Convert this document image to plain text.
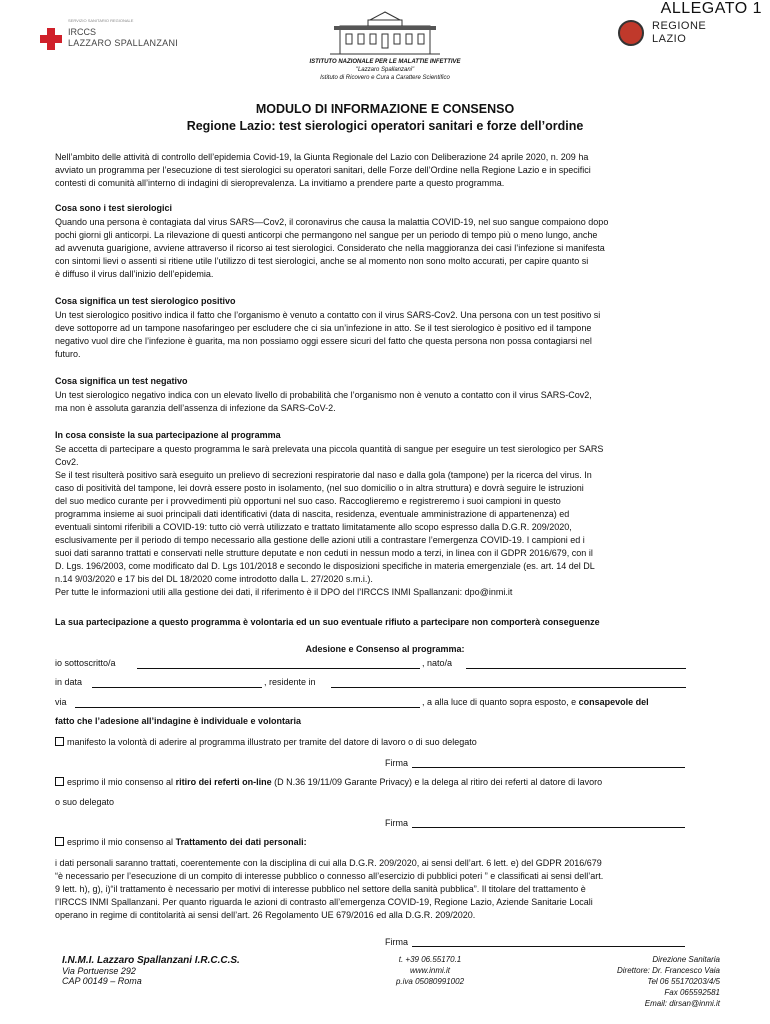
ALLEGATO 1
SERVIZIO SANITARIO REGIONALE
IRCCS
LAZZARO SPALLANZANI
ISTITUTO NAZIONALE PER LE MALATTIE INFETTIVE
"Lazzaro Spallanzani"
Istituto di Ricovero e Cura a Carattere Scientifico
REGIONE
LAZIO
MODULO DI INFORMAZIONE E CONSENSO
Regione Lazio: test sierologici operatori sanitari e forze dell’ordine
Nell’ambito delle attività di controllo dell’epidemia Covid-19, la Giunta Regionale del Lazio con Deliberazione 24 aprile 2020, n. 209 ha
avviato un programma per l’esecuzione di test sierologici su operatori sanitari, delle Forze dell’Ordine nella Regione Lazio e in specifici
contesti di comunità all’interno di indagini di sieroprevalenza. La invitiamo a prendere parte a questo programma.
Cosa sono i test sierologici
Quando una persona è contagiata dal virus SARS—Cov2, il coronavirus che causa la malattia COVID-19, nel suo sangue compaiono dopo
pochi giorni gli anticorpi. La rilevazione di questi anticorpi che permangono nel sangue per un periodo di tempo più o meno lungo, anche
ad avvenuta guarigione, avviene attraverso il ricorso ai test sierologici. Considerato che nella maggioranza dei casi l’infezione si manifesta
con sintomi lievi o assenti si ritiene utile l’utilizzo di test sierologici, anche se al momento non sono molto accurati, per capire quanto si
è diffuso il virus dall’inizio dell’epidemia.
Cosa significa un test sierologico positivo
Un test sierologico positivo indica il fatto che l’organismo è venuto a contatto con il virus SARS-Cov2. Una persona con un test positivo si
deve sottoporre ad un tampone nasofaringeo per escludere che ci sia un’infezione in atto. Se il test sierologico è positivo ed il tampone
negativo vuol dire che l’infezione è guarita, ma non possiamo oggi essere sicuri del fatto che questa persona non possa contagiarsi nel
futuro.
Cosa significa un test negativo
Un test sierologico negativo indica con un elevato livello di probabilità che l’organismo non è venuto a contatto con il virus SARS-Cov2,
ma non è assoluta garanzia dell’assenza di infezione da SARS-CoV-2.
In cosa consiste la sua partecipazione al programma
Se accetta di partecipare a questo programma le sarà prelevata una piccola quantità di sangue per eseguire un test sierologico per SARS
Cov2.
Se il test risulterà positivo sarà eseguito un prelievo di secrezioni respiratorie dal naso e dalla gola (tampone) per la ricerca del virus. In
caso di positività del tampone, lei dovrà essere posto in isolamento, (nel suo domicilio o in altra struttura) e dovrà seguire le istruzioni
del suo medico curante per i provvedimenti più opportuni nel suo caso. Raccoglieremo e registreremo i suoi campioni in questo
programma insieme ai suoi principali dati identificativi (data di nascita, residenza, eventuale amministrazione di appartenenza) ed
eventuali sintomi riferibili a COVID-19: tutto ciò verrà utilizzato e trattato limitatamente allo scopo espresso dalla D.G.R. 209/2020,
esclusivamente per il periodo di tempo necessario alla gestione delle azioni utili a contrastare l’emergenza COVID-19. I campioni ed i
suoi dati saranno trattati e conservati nelle strutture deputate e non ceduti in nessun modo a terzi, in linea con il GDPR 2016/679, con il
D. Lgs. 196/2003, come modificato dal D. Lgs 101/2018 e secondo le disposizioni specifiche in materia emergenziale (es. art. 14 del DL
n.14 9/03/2020 e 17 bis del DL 18/2020 come introdotto dalla L. 27/2020 s.m.i.).
Per tutte le informazioni utili alla gestione dei dati, il riferimento è il DPO del l’IRCCS INMI Spallanzani: dpo@inmi.it
La sua partecipazione a questo programma è volontaria ed un suo eventuale rifiuto a partecipare non comporterà conseguenze
Adesione e Consenso al programma:
io sottoscritto/a	, nato/a
in data	, residente in
via	, a alla luce di quanto sopra esposto, e consapevole del
fatto che l’adesione all’indagine è individuale e volontaria
manifesto la volontà di aderire al programma illustrato per tramite del datore di lavoro o di suo delegato
Firma
esprimo il mio consenso al ritiro dei referti on-line (D N.36 19/11/09 Garante Privacy) e la delega al ritiro dei referti al datore di lavoro
o suo delegato
Firma
esprimo il mio consenso al Trattamento dei dati personali:
i dati personali saranno trattati, coerentemente con la disciplina di cui alla D.G.R. 209/2020, ai sensi dell’art. 6 lett. e) del GDPR 2016/679
“è necessario per l’esecuzione di un compito di interesse pubblico o connesso all’esercizio di pubblici poteri ” e classificati ai sensi dell’art.
9 lett. h), g), i)“il trattamento è necessario per motivi di interesse pubblico nel settore della sanità pubblica”. Il titolare del trattamento è
l’IRCCS INMI Spallanzani. Per quanto riguarda le azioni di contrasto all’emergenza COVID-19, Regione Lazio, Aziende Sanitarie Locali
operano in regime di contitolarità ai sensi dell’art. 26 Regolamento UE 679/2016 ed alla D.G.R. 209/2020.
Firma
I.N.M.I. Lazzaro Spallanzani I.R.C.C.S.
Via Portuense 292
CAP 00149 – Roma
t. +39 06.55170.1
www.inmi.it
p.iva 05080991002
Direzione Sanitaria
Direttore: Dr. Francesco Vaia
Tel 06 55170203/4/5
Fax 065592581
Email: dirsan@inmi.it
